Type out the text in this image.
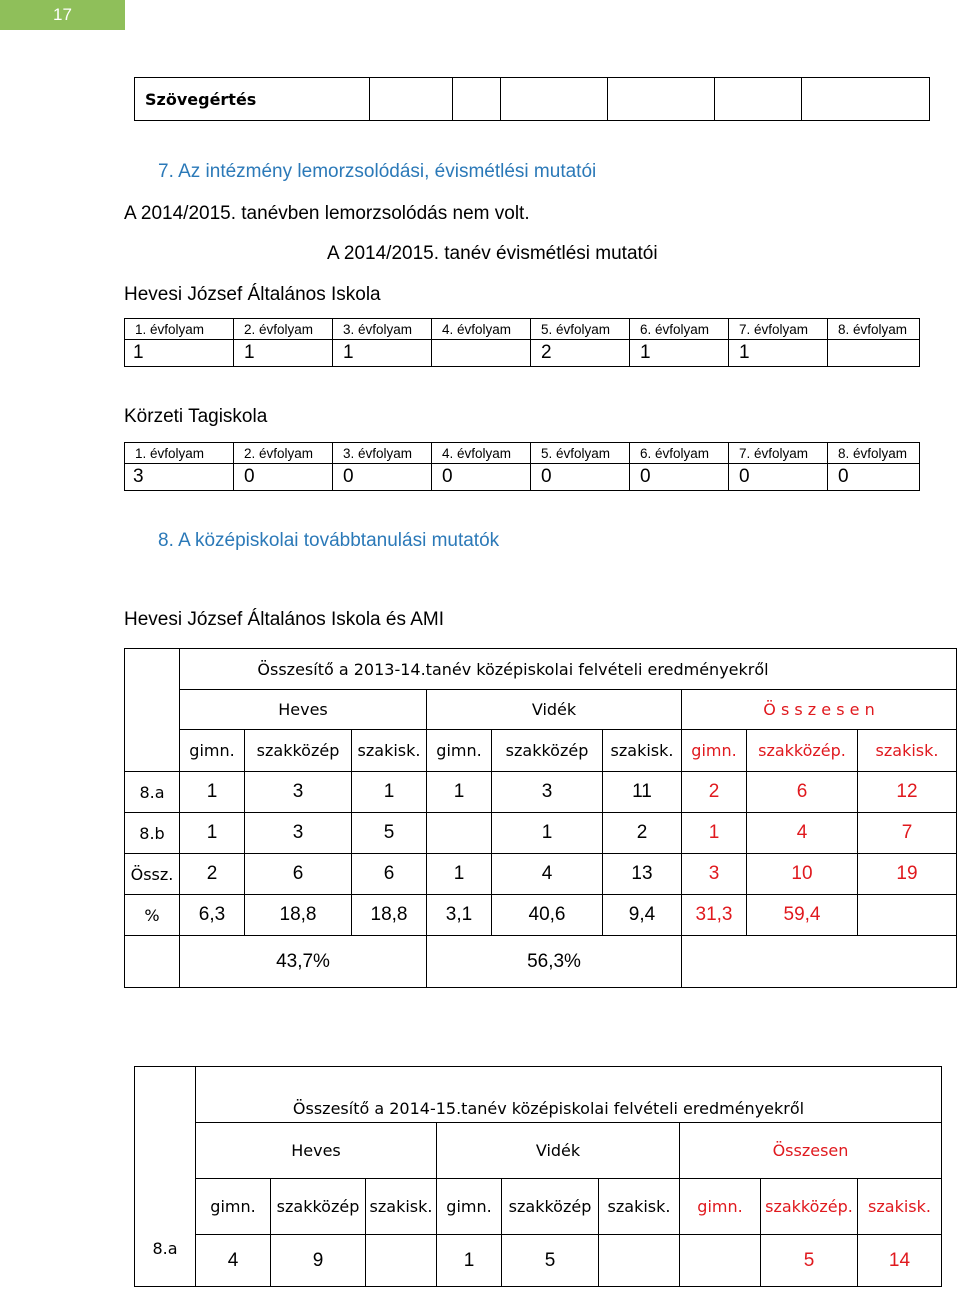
17
Szövegértés						
7. Az intézmény lemorzsolódási, évismétlési mutatói
A 2014/2015. tanévben lemorzsolódás nem volt.
A 2014/2015. tanév évismétlési mutatói
Hevesi József Általános Iskola
1. évfolyam	2. évfolyam	3. évfolyam	4. évfolyam	5. évfolyam	6. évfolyam	7. évfolyam	8. évfolyam
1	1	1		2	1	1	
Körzeti Tagiskola
1. évfolyam	2. évfolyam	3. évfolyam	4. évfolyam	5. évfolyam	6. évfolyam	7. évfolyam	8. évfolyam
3	0	0	0	0	0	0	0
8. A középiskolai továbbtanulási mutatók
Hevesi József Általános Iskola és AMI
	Összesítő a 2013-14.tanév középiskolai felvételi eredményekről								
	Heves			Vidék			Ö s s z e s e n		
	gimn.	szakközép	szakisk.	gimn.	szakközép	szakisk.	gimn.	szakközép.	szakisk.
8.a	1	3	1	1	3	11	2	6	12
8.b	1	3	5		1	2	1	4	7
Össz.	2	6	6	1	4	13	3	10	19
%	6,3	18,8	18,8	3,1	40,6	9,4	31,3	59,4	
	43,7%			56,3%					
8.a	Összesítő a 2014-15.tanév középiskolai felvételi eredményekről								
	Heves			Vidék			Összesen		
	gimn.	szakközép	szakisk.	gimn.	szakközép	szakisk.	gimn.	szakközép.	szakisk.
	4	9		1	5			5	14
